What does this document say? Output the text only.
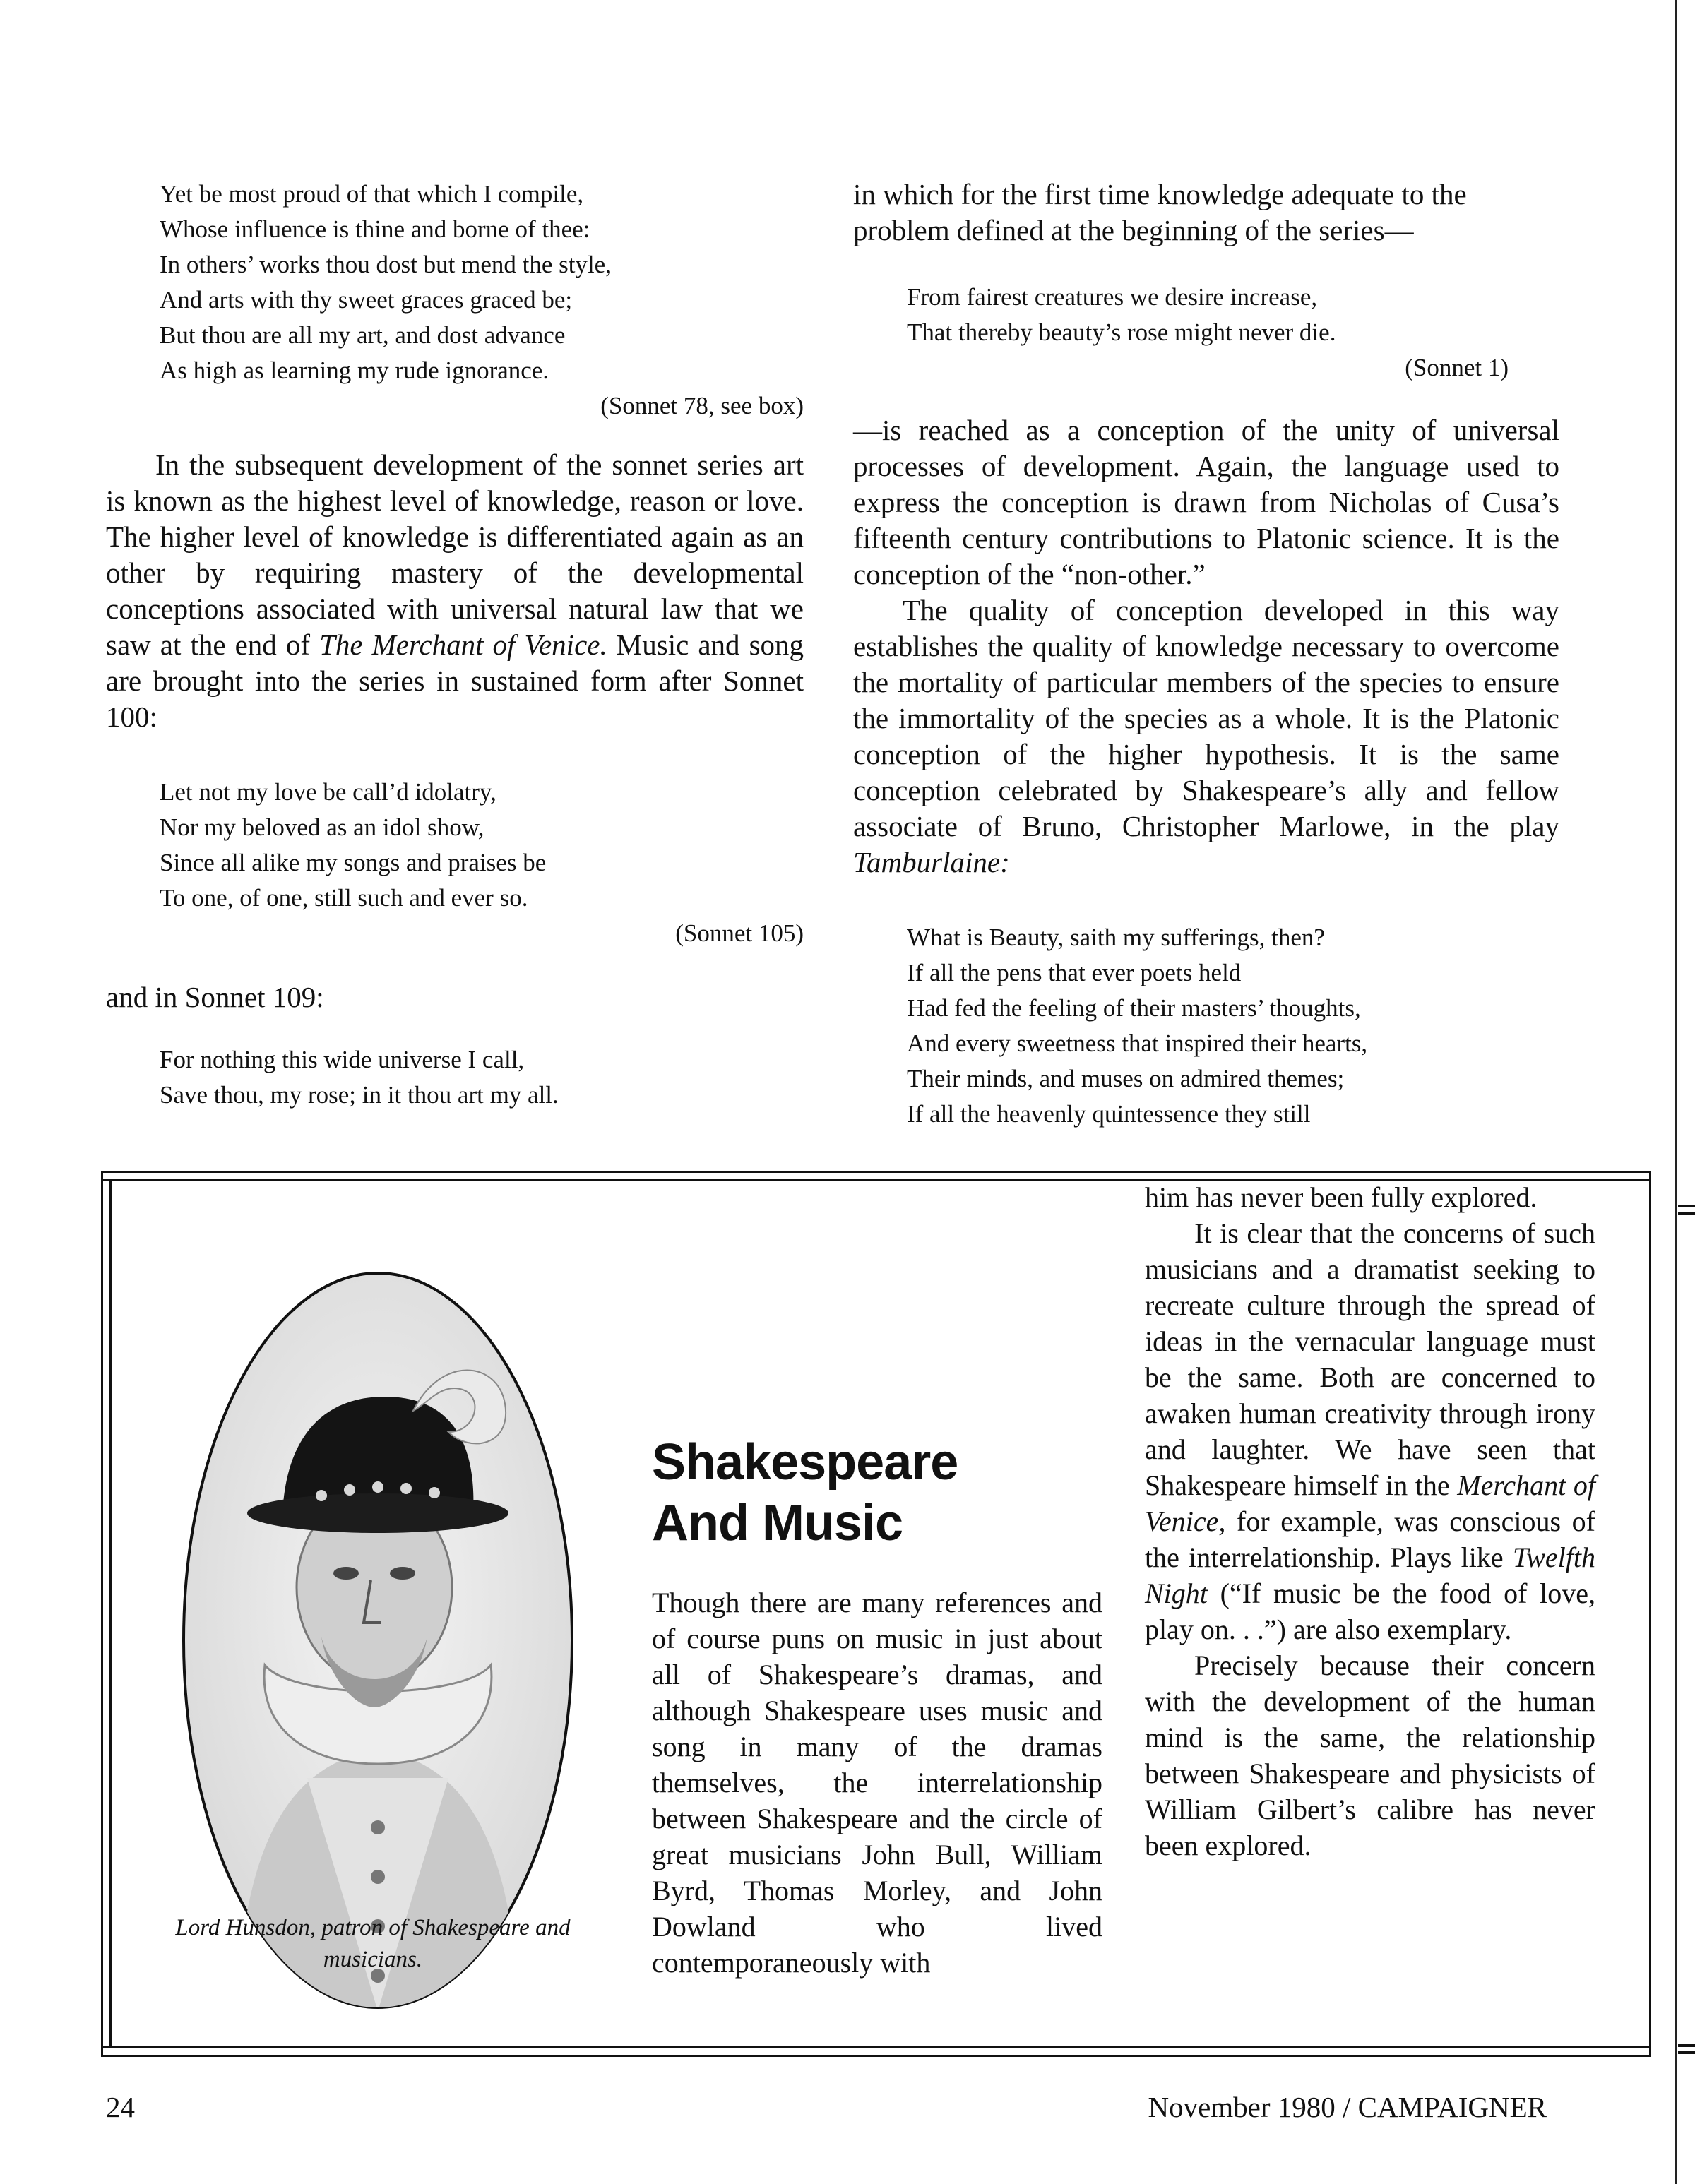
Yet be most proud of that which I compile,
Whose influence is thine and borne of thee:
In others’ works thou dost but mend the style,
And arts with thy sweet graces graced be;
But thou are all my art, and dost advance
As high as learning my rude ignorance.
(Sonnet 78, see box)

In the subsequent development of the sonnet series art is known as the highest level of knowledge, reason or love. The higher level of knowledge is differentiated again as an other by requiring mastery of the developmental conceptions associated with universal natural law that we saw at the end of The Merchant of Venice. Music and song are brought into the series in sustained form after Sonnet 100:

Let not my love be call’d idolatry,
Nor my beloved as an idol show,
Since all alike my songs and praises be
To one, of one, still such and ever so.
(Sonnet 105)

and in Sonnet 109:

For nothing this wide universe I call,
Save thou, my rose; in it thou art my all.

in which for the first time knowledge adequate to the problem defined at the beginning of the series—

From fairest creatures we desire increase,
That thereby beauty’s rose might never die.
(Sonnet 1)

—is reached as a conception of the unity of universal processes of development. Again, the language used to express the conception is drawn from Nicholas of Cusa’s fifteenth century contributions to Platonic science. It is the conception of the “non-other.”

The quality of conception developed in this way establishes the quality of knowledge necessary to overcome the mortality of particular members of the species to ensure the immortality of the species as a whole. It is the Platonic conception of the higher hypothesis. It is the same conception celebrated by Shakespeare’s ally and fellow associate of Bruno, Christopher Marlowe, in the play Tamburlaine:

What is Beauty, saith my sufferings, then?
If all the pens that ever poets held
Had fed the feeling of their masters’ thoughts,
And every sweetness that inspired their hearts,
Their minds, and muses on admired themes;
If all the heavenly quintessence they still
Lord Hunsdon, patron of Shakespeare and musicians.
Shakespeare
And Music

Though there are many references and of course puns on music in just about all of Shakespeare’s dramas, and although Shakespeare uses music and song in many of the dramas themselves, the interrelationship between Shakespeare and the circle of great musicians John Bull, William Byrd, Thomas Morley, and John Dowland who lived contemporaneously with

him has never been fully explored.

It is clear that the concerns of such musicians and a dramatist seeking to recreate culture through the spread of ideas in the vernacular language must be the same. Both are concerned to awaken human creativity through irony and laughter. We have seen that Shakespeare himself in the Merchant of Venice, for example, was conscious of the interrelationship. Plays like Twelfth Night (“If music be the food of love, play on. . .”) are also exemplary.

Precisely because their concern with the development of the human mind is the same, the relationship between Shakespeare and physicists of William Gilbert’s calibre has never been explored.

24	November 1980 / CAMPAIGNER
